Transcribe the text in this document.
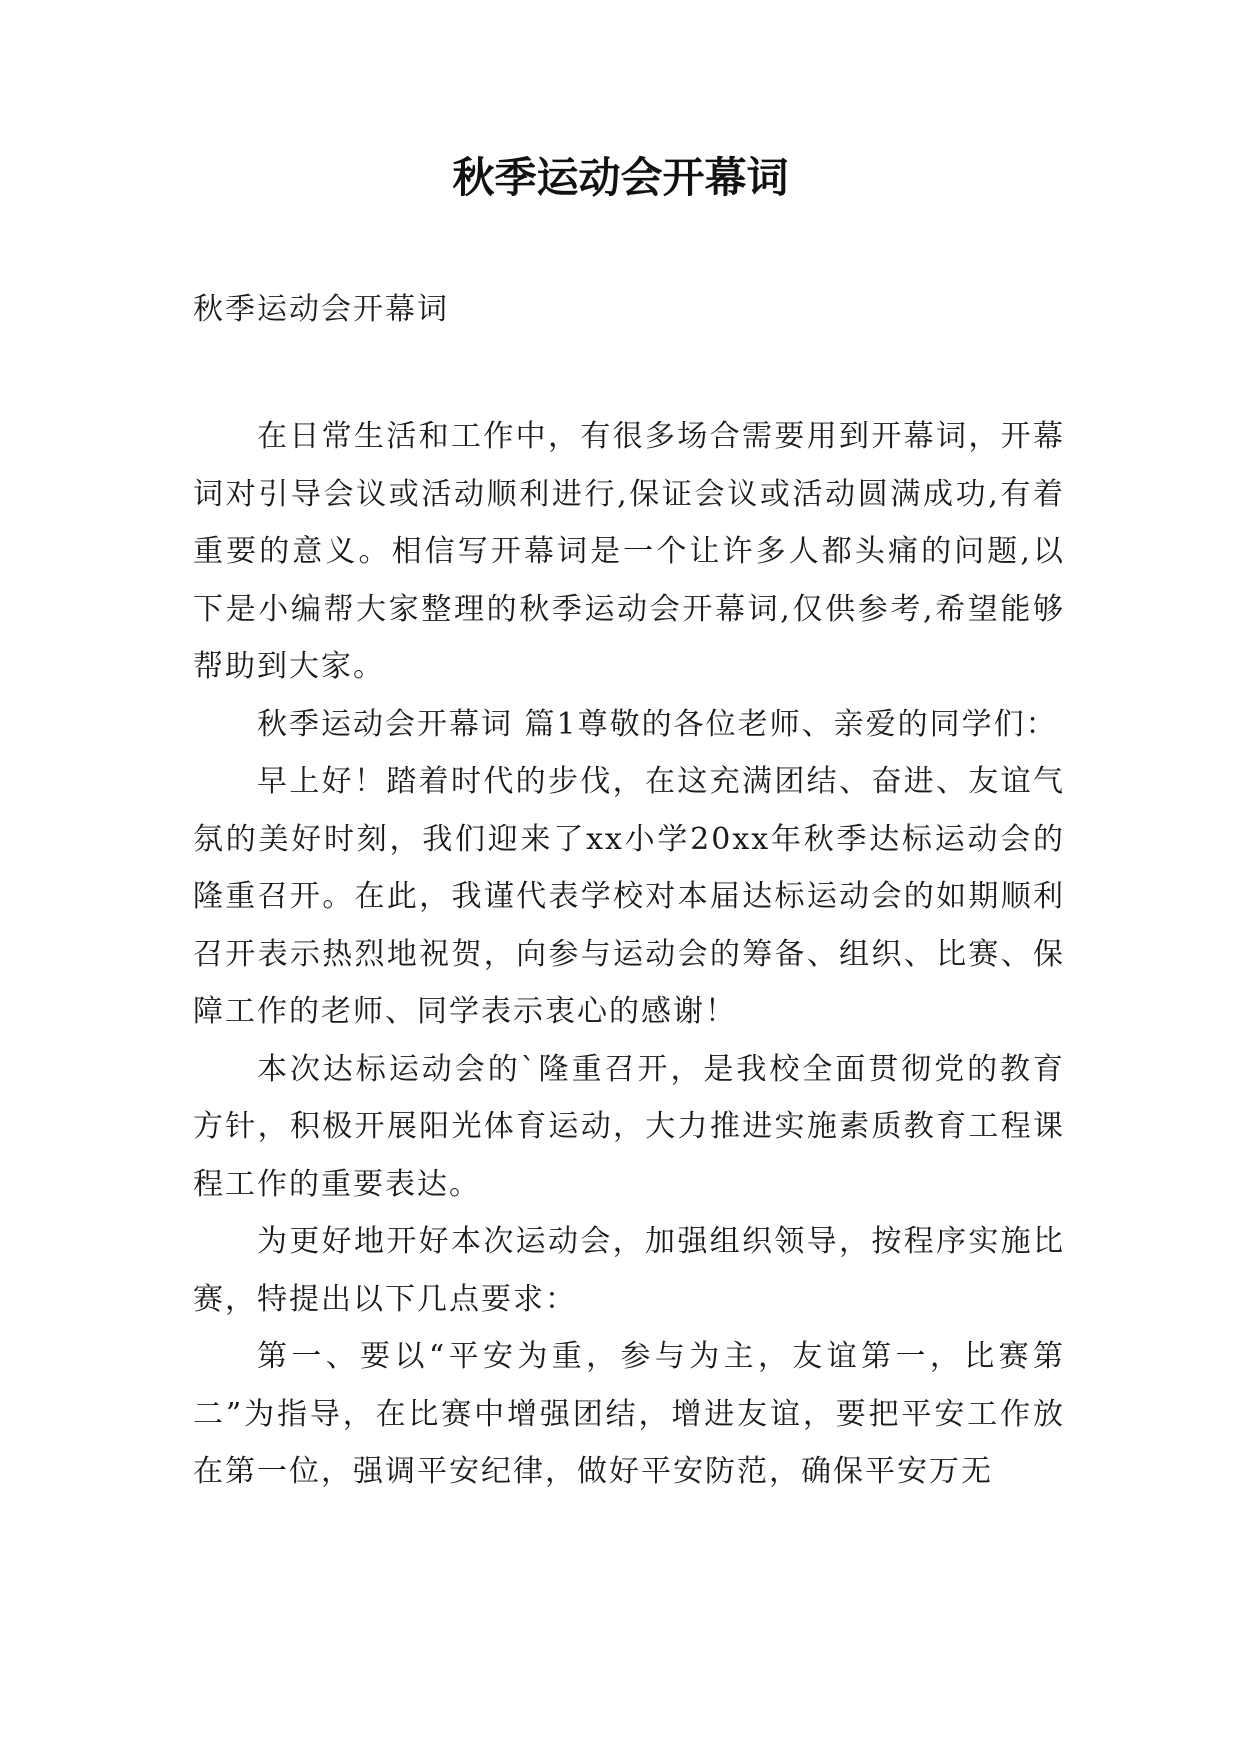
秋季运动会开幕词

秋季运动会开幕词

在日常生活和工作中，有很多场合需要用到开幕词，开幕词对引导会议或活动顺利进行,保证会议或活动圆满成功,有着重要的意义。相信写开幕词是一个让许多人都头痛的问题,以下是小编帮大家整理的秋季运动会开幕词,仅供参考,希望能够帮助到大家。

秋季运动会开幕词 篇1尊敬的各位老师、亲爱的同学们：

早上好！踏着时代的步伐，在这充满团结、奋进、友谊气氛的美好时刻，我们迎来了xx小学20xx年秋季达标运动会的隆重召开。在此，我谨代表学校对本届达标运动会的如期顺利召开表示热烈地祝贺，向参与运动会的筹备、组织、比赛、保障工作的老师、同学表示衷心的感谢！

本次达标运动会的`隆重召开，是我校全面贯彻党的教育方针，积极开展阳光体育运动，大力推进实施素质教育工程课程工作的重要表达。

为更好地开好本次运动会，加强组织领导，按程序实施比赛，特提出以下几点要求：

第一、要以“平安为重，参与为主，友谊第一，比赛第二”为指导，在比赛中增强团结，增进友谊，要把平安工作放在第一位，强调平安纪律，做好平安防范，确保平安万无
